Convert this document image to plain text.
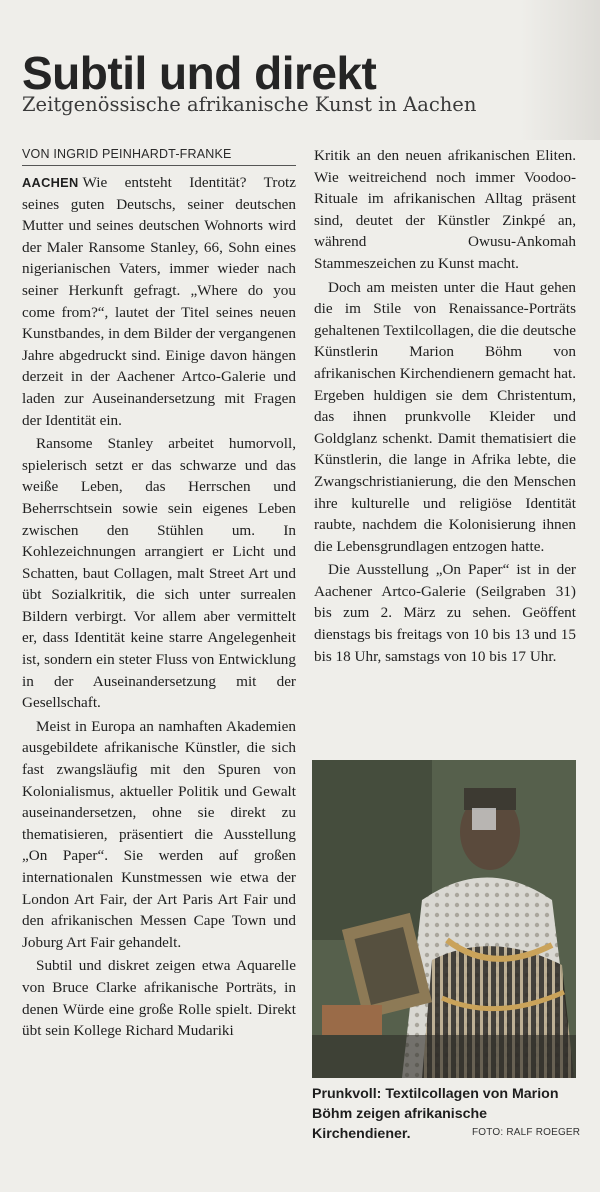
Subtil und direkt
Zeitgenössische afrikanische Kunst in Aachen
VON INGRID PEINHARDT-FRANKE

AACHEN Wie entsteht Identität? Trotz seines guten Deutschs, seiner deutschen Mutter und seines deutschen Wohnorts wird der Maler Ransome Stanley, 66, Sohn eines nigerianischen Vaters, immer wieder nach seiner Herkunft gefragt. „Where do you come from?“, lautet der Titel seines neuen Kunstbandes, in dem Bilder der vergangenen Jahre abgedruckt sind. Einige davon hängen derzeit in der Aachener Artco-Galerie und laden zur Auseinandersetzung mit Fragen der Identität ein.

Ransome Stanley arbeitet humorvoll, spielerisch setzt er das schwarze und das weiße Leben, das Herrschen und Beherrschtsein sowie sein eigenes Leben zwischen den Stühlen um. In Kohlezeichnungen arrangiert er Licht und Schatten, baut Collagen, malt Street Art und übt Sozialkritik, die sich unter surrealen Bildern verbirgt. Vor allem aber vermittelt er, dass Identität keine starre Angelegenheit ist, sondern ein steter Fluss von Entwicklung in der Auseinandersetzung mit der Gesellschaft.

Meist in Europa an namhaften Akademien ausgebildete afrikanische Künstler, die sich fast zwangsläufig mit den Spuren von Kolonialismus, aktueller Politik und Gewalt auseinandersetzen, ohne sie direkt zu thematisieren, präsentiert die Ausstellung „On Paper“. Sie werden auf großen internationalen Kunstmessen wie etwa der London Art Fair, der Art Paris Art Fair und den afrikanischen Messen Cape Town und Joburg Art Fair gehandelt.

Subtil und diskret zeigen etwa Aquarelle von Bruce Clarke afrikanische Porträts, in denen Würde eine große Rolle spielt. Direkt übt sein Kollege Richard Mudariki

Kritik an den neuen afrikanischen Eliten. Wie weitreichend noch immer Voodoo-Rituale im afrikanischen Alltag präsent sind, deutet der Künstler Zinkpé an, während Owusu-Ankomah Stammeszeichen zu Kunst macht.

Doch am meisten unter die Haut gehen die im Stile von Renaissance-Porträts gehaltenen Textilcollagen, die die deutsche Künstlerin Marion Böhm von afrikanischen Kirchendienern gemacht hat. Ergeben huldigen sie dem Christentum, das ihnen prunkvolle Kleider und Goldglanz schenkt. Damit thematisiert die Künstlerin, die lange in Afrika lebte, die Zwangschristianierung, die den Menschen ihre kulturelle und religiöse Identität raubte, nachdem die Kolonisierung ihnen die Lebensgrundlagen entzogen hatte.

Die Ausstellung „On Paper“ ist in der Aachener Artco-Galerie (Seilgraben 31) bis zum 2. März zu sehen. Geöffent dienstags bis freitags von 10 bis 13 und 15 bis 18 Uhr, samstags von 10 bis 17 Uhr.

Prunkvoll: Textilcollagen von Marion Böhm zeigen afrikanische Kirchendiener.	FOTO: RALF ROEGER
